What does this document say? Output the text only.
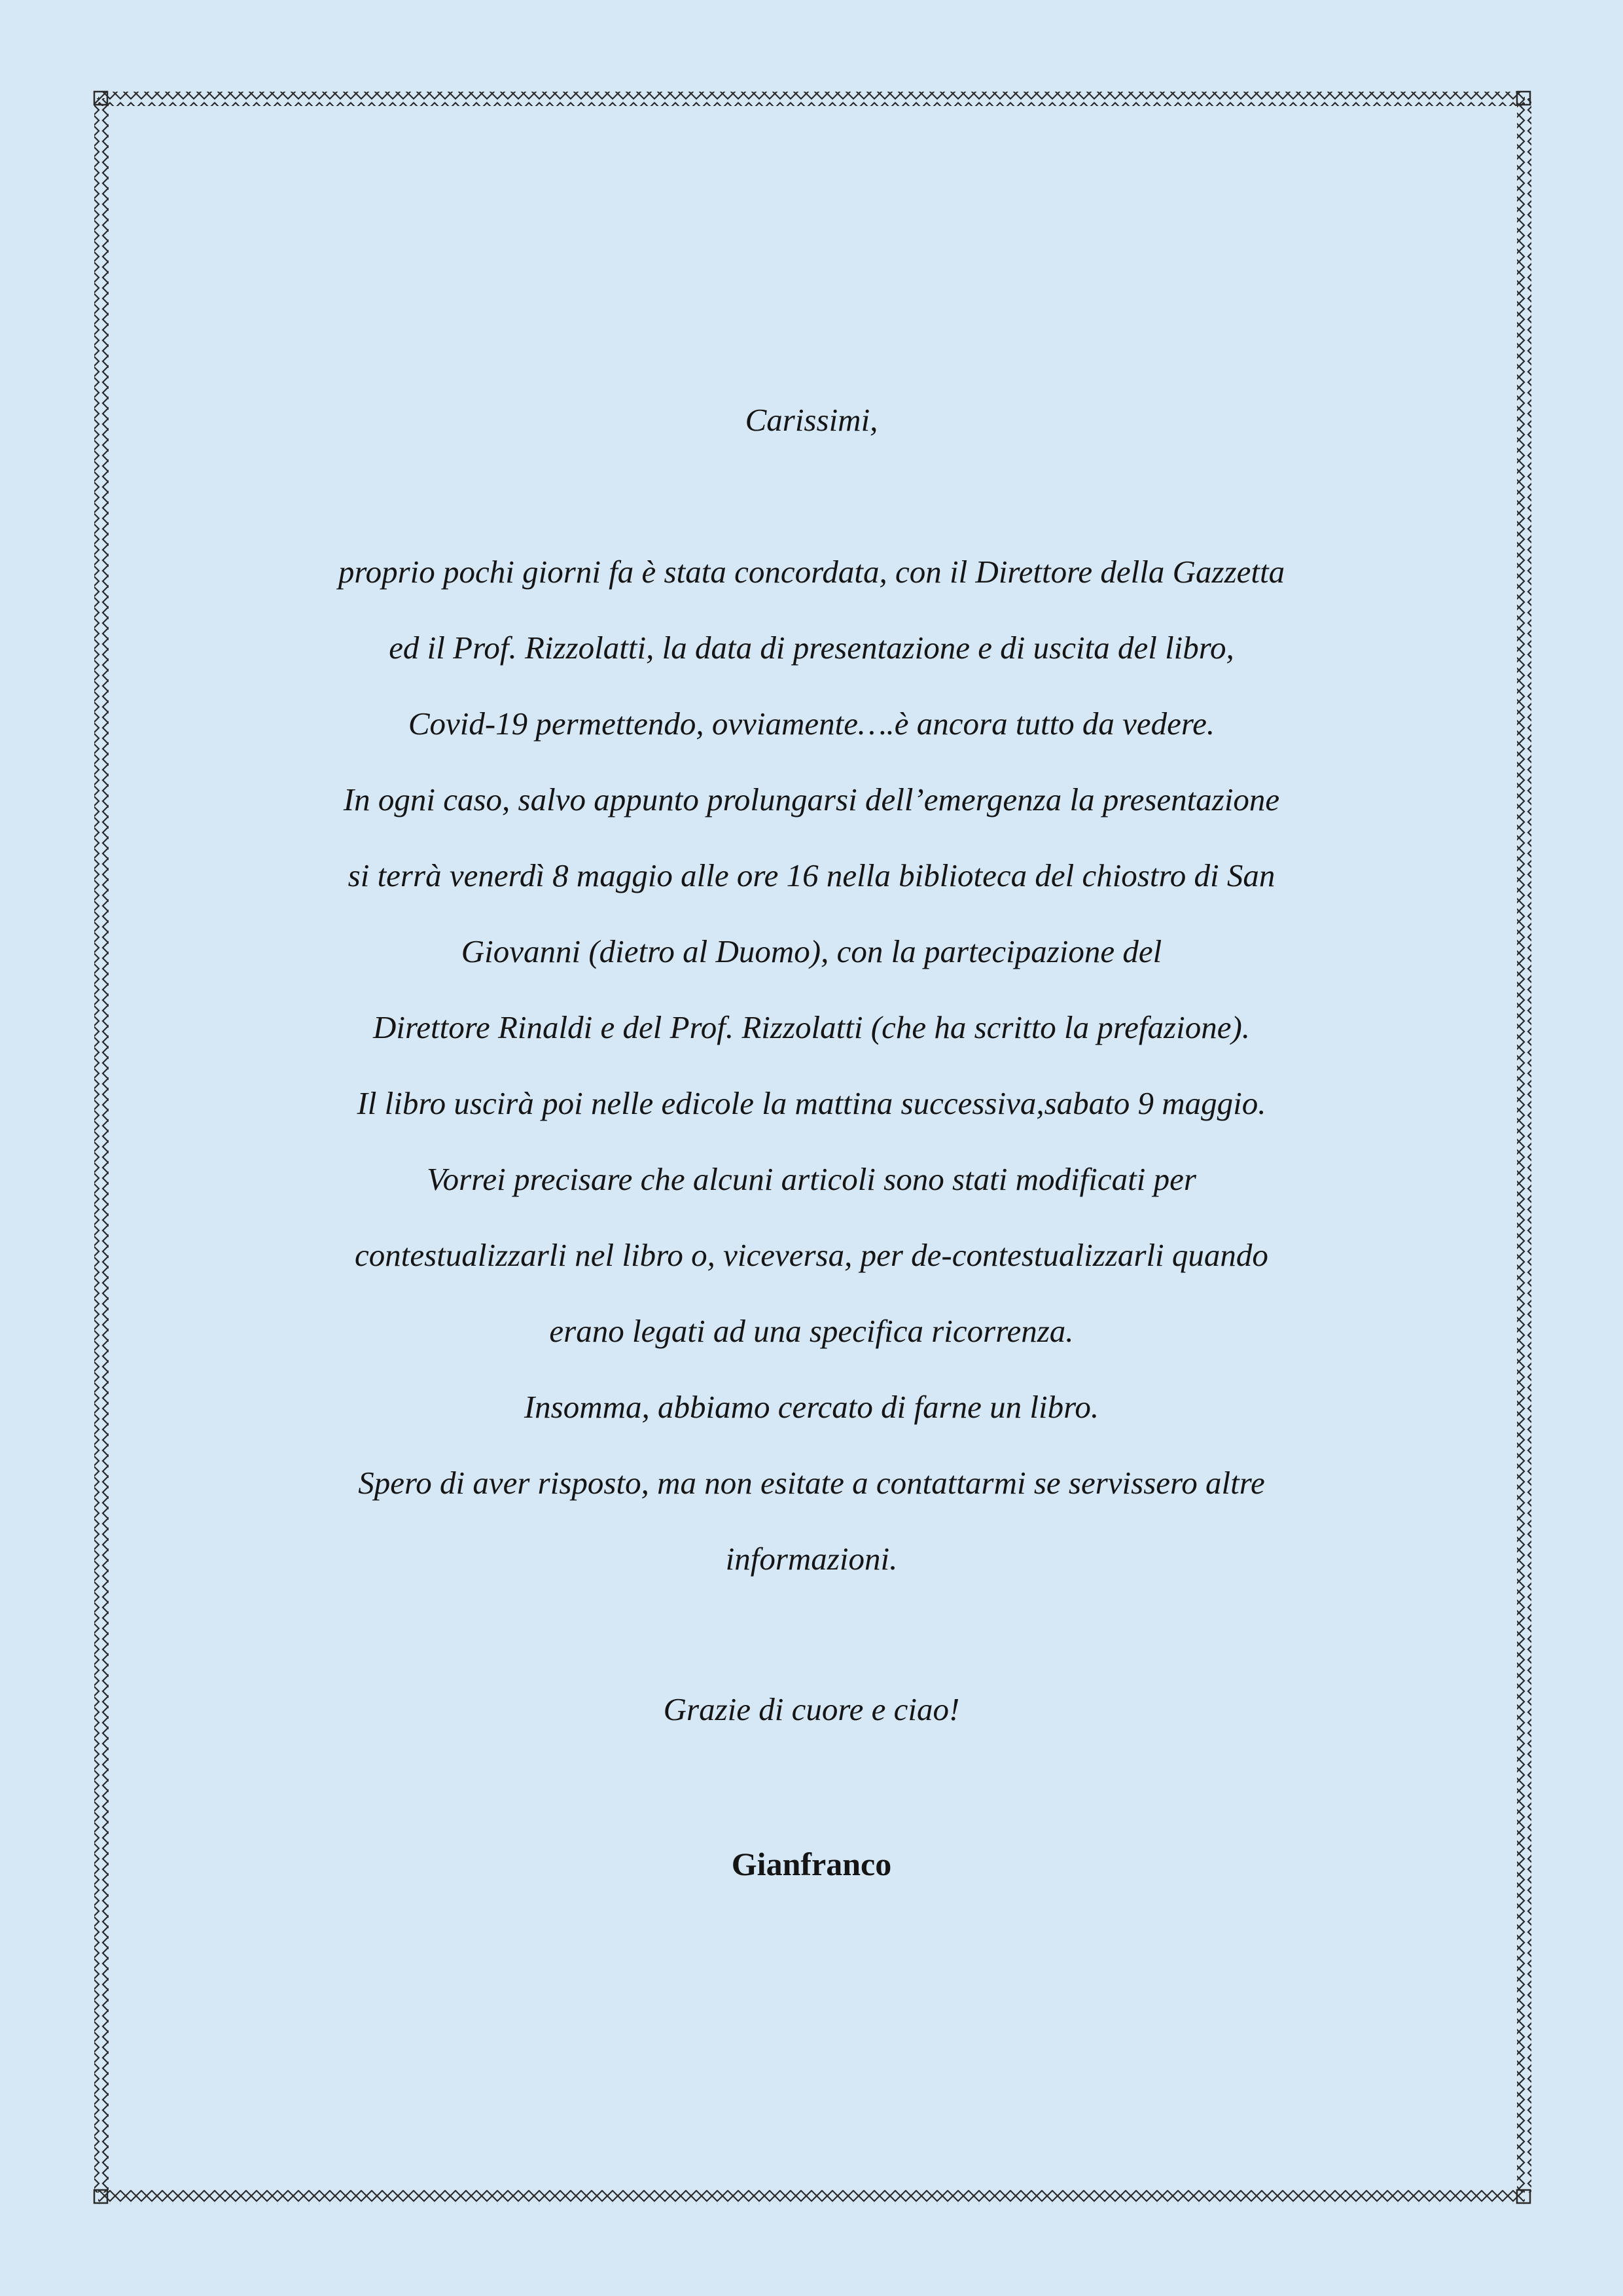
Carissimi,
proprio pochi giorni fa è stata concordata, con il Direttore della Gazzetta
ed il Prof. Rizzolatti, la data di presentazione e di uscita del libro,
Covid-19 permettendo, ovviamente….è ancora tutto da vedere.
In ogni caso, salvo appunto prolungarsi dell’emergenza la presentazione
si terrà venerdì 8 maggio alle ore 16 nella biblioteca del chiostro di San
Giovanni (dietro al Duomo), con la partecipazione del
Direttore Rinaldi e del Prof. Rizzolatti (che ha scritto la prefazione).
Il libro uscirà poi nelle edicole la mattina successiva,sabato 9 maggio.
Vorrei precisare che alcuni articoli sono stati modificati per
contestualizzarli nel libro o, viceversa, per de-contestualizzarli quando
erano legati ad una specifica ricorrenza.
Insomma, abbiamo cercato di farne un libro.
Spero di aver risposto, ma non esitate a contattarmi se servissero altre
informazioni.
Grazie di cuore e ciao!
Gianfranco
